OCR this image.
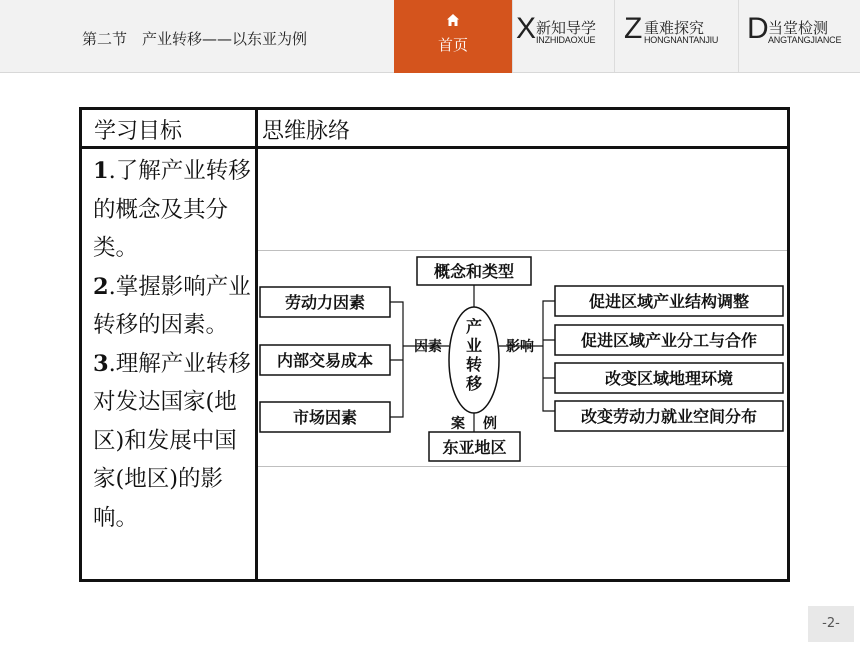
第二节　产业转移——以东亚为例	首页	X 新知导学
INZHIDAOXUE Z 重难探究
HONGNANTANJIU D 当堂检测
ANGTANGJIANCE
学习目标	思维脉络
1.了解产业转移的概念及其分类。
2.掌握影响产业转移的因素。
3.理解产业转移对发达国家(地区)和发展中国家(地区)的影响。
概念和类型
产
业
转
移
劳动力因素
内部交易成本
市场因素
因素	影响
促进区域产业结构调整
促进区域产业分工与合作
改变区域地理环境
改变劳动力就业空间分布
案 例
东亚地区
-2-
